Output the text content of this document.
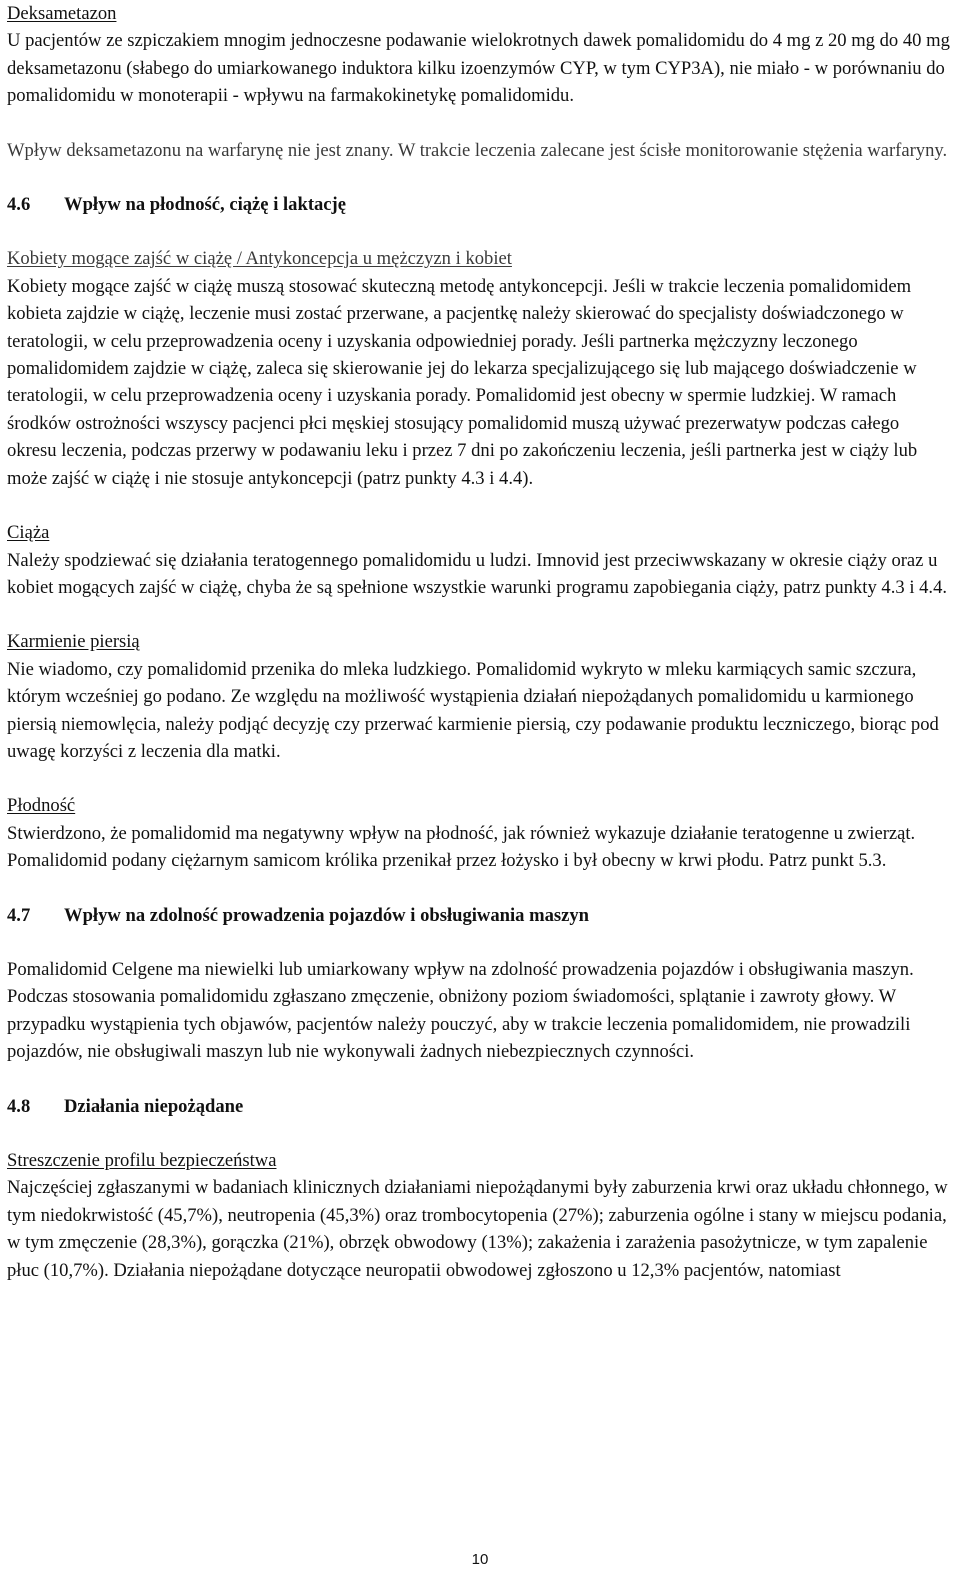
Deksametazon

U pacjentów ze szpiczakiem mnogim jednoczesne podawanie wielokrotnych dawek pomalidomidu do 4 mg z 20 mg do 40 mg deksametazonu (słabego do umiarkowanego induktora kilku izoenzymów CYP, w tym CYP3A), nie miało - w porównaniu do pomalidomidu w monoterapii - wpływu na farmakokinetykę pomalidomidu.

Wpływ deksametazonu na warfarynę nie jest znany. W trakcie leczenia zalecane jest ścisłe monitorowanie stężenia warfaryny.

4.6	Wpływ na płodność, ciążę i laktację

Kobiety mogące zajść w ciążę / Antykoncepcja u mężczyzn i kobiet

Kobiety mogące zajść w ciążę muszą stosować skuteczną metodę antykoncepcji. Jeśli w trakcie leczenia pomalidomidem kobieta zajdzie w ciążę, leczenie musi zostać przerwane, a pacjentkę należy skierować do specjalisty doświadczonego w teratologii, w celu przeprowadzenia oceny i uzyskania odpowiedniej porady. Jeśli partnerka mężczyzny leczonego pomalidomidem zajdzie w ciążę, zaleca się skierowanie jej do lekarza specjalizującego się lub mającego doświadczenie w teratologii, w celu przeprowadzenia oceny i uzyskania porady. Pomalidomid jest obecny w spermie ludzkiej. W ramach środków ostrożności wszyscy pacjenci płci męskiej stosujący pomalidomid muszą używać prezerwatyw podczas całego okresu leczenia, podczas przerwy w podawaniu leku i przez 7 dni po zakończeniu leczenia, jeśli partnerka jest w ciąży lub może zajść w ciążę i nie stosuje antykoncepcji (patrz punkty 4.3 i 4.4).

Ciąża

Należy spodziewać się działania teratogennego pomalidomidu u ludzi. Imnovid jest przeciwwskazany w okresie ciąży oraz u kobiet mogących zajść w ciążę, chyba że są spełnione wszystkie warunki programu zapobiegania ciąży, patrz punkty 4.3 i 4.4.

Karmienie piersią

Nie wiadomo, czy pomalidomid przenika do mleka ludzkiego. Pomalidomid wykryto w mleku karmiących samic szczura, którym wcześniej go podano. Ze względu na możliwość wystąpienia działań niepożądanych pomalidomidu u karmionego piersią niemowlęcia, należy podjąć decyzję czy przerwać karmienie piersią, czy podawanie produktu leczniczego, biorąc pod uwagę korzyści z leczenia dla matki.

Płodność

Stwierdzono, że pomalidomid ma negatywny wpływ na płodność, jak również wykazuje działanie teratogenne u zwierząt. Pomalidomid podany ciężarnym samicom królika przenikał przez łożysko i był obecny w krwi płodu. Patrz punkt 5.3.

4.7	Wpływ na zdolność prowadzenia pojazdów i obsługiwania maszyn

Pomalidomid Celgene ma niewielki lub umiarkowany wpływ na zdolność prowadzenia pojazdów i obsługiwania maszyn.

Podczas stosowania pomalidomidu zgłaszano zmęczenie, obniżony poziom świadomości, splątanie i zawroty głowy. W przypadku wystąpienia tych objawów, pacjentów należy pouczyć, aby w trakcie leczenia pomalidomidem, nie prowadzili pojazdów, nie obsługiwali maszyn lub nie wykonywali żadnych niebezpiecznych czynności.

4.8	Działania niepożądane

Streszczenie profilu bezpieczeństwa

Najczęściej zgłaszanymi w badaniach klinicznych działaniami niepożądanymi były zaburzenia krwi oraz układu chłonnego, w tym niedokrwistość (45,7%), neutropenia (45,3%) oraz trombocytopenia (27%); zaburzenia ogólne i stany w miejscu podania, w tym zmęczenie (28,3%), gorączka (21%), obrzęk obwodowy (13%); zakażenia i zarażenia pasożytnicze, w tym zapalenie płuc (10,7%). Działania niepożądane dotyczące neuropatii obwodowej zgłoszono u 12,3% pacjentów, natomiast

10
